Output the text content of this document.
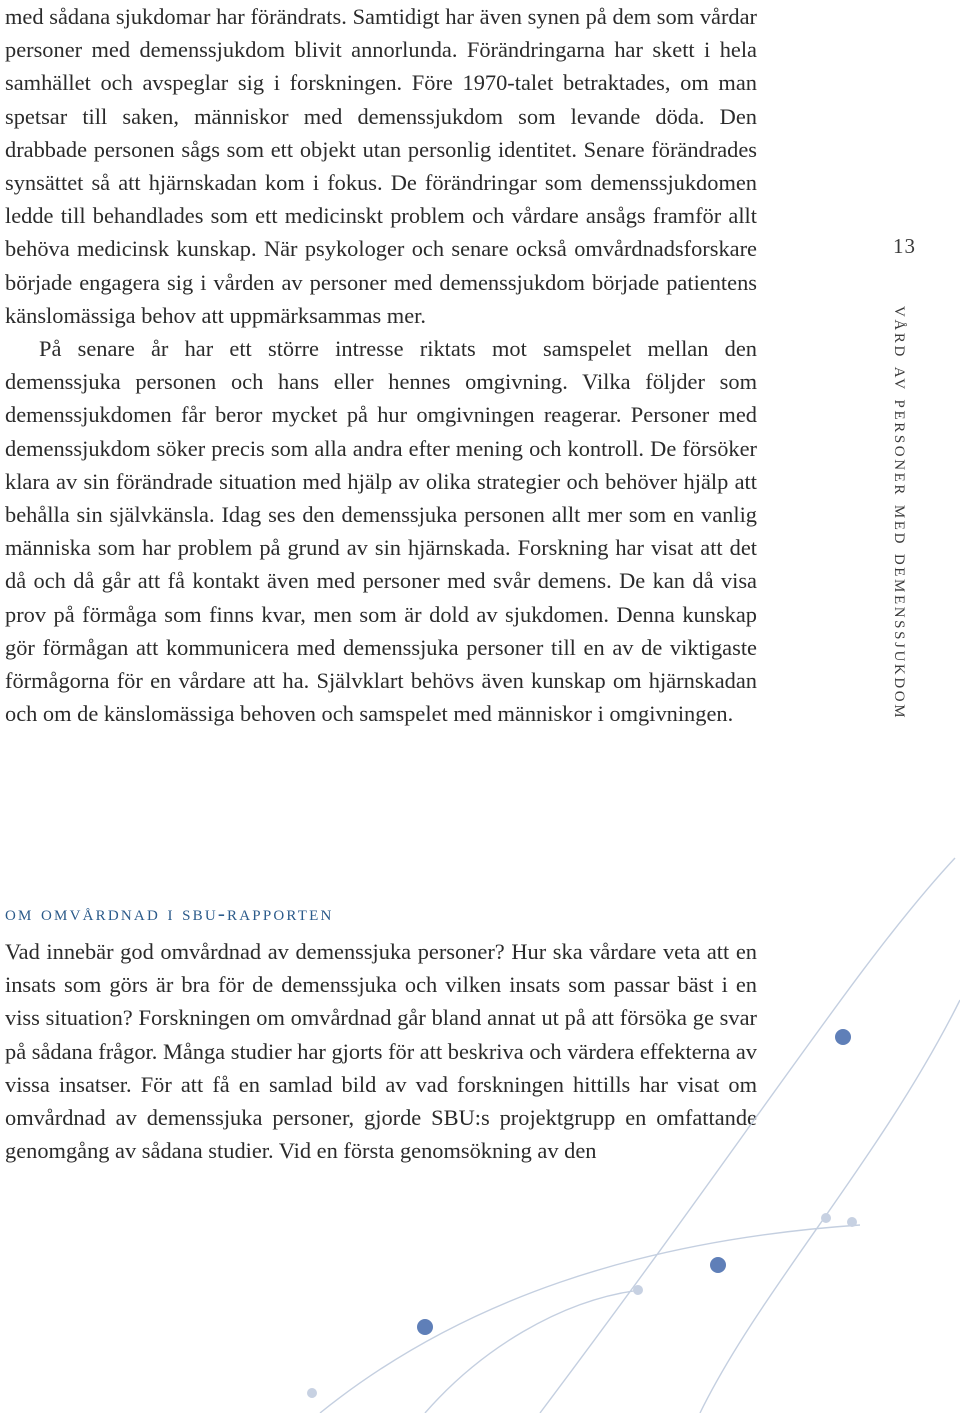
med sådana sjukdomar har förändrats. Samtidigt har även synen på dem som vårdar personer med demenssjukdom blivit annorlunda. Förändringarna har skett i hela samhället och avspeglar sig i forskningen. Före 1970-talet betraktades, om man spetsar till saken, människor med demenssjukdom som levande döda. Den drabbade personen sågs som ett objekt utan personlig identitet. Senare förändrades synsättet så att hjärnskadan kom i fokus. De förändringar som demenssjukdomen ledde till behandlades som ett medicinskt problem och vårdare ansågs framför allt behöva medicinsk kunskap. När psykologer och senare också omvårdnadsforskare började engagera sig i vården av personer med demenssjukdom började patientens känslomässiga behov att uppmärksammas mer.

På senare år har ett större intresse riktats mot samspelet mellan den demenssjuka personen och hans eller hennes omgivning. Vilka följder som demenssjukdomen får beror mycket på hur omgivningen reagerar. Personer med demenssjukdom söker precis som alla andra efter mening och kontroll. De försöker klara av sin förändrade situation med hjälp av olika strategier och behöver hjälp att behålla sin självkänsla. Idag ses den demenssjuka personen allt mer som en vanlig människa som har problem på grund av sin hjärnskada. Forskning har visat att det då och då går att få kontakt även med personer med svår demens. De kan då visa prov på förmåga som finns kvar, men som är dold av sjukdomen. Denna kunskap gör förmågan att kommunicera med demenssjuka personer till en av de viktigaste förmågorna för en vårdare att ha. Självklart behövs även kunskap om hjärnskadan och om de känslomässiga behoven och samspelet med människor i omgivningen.

om omvårdnad i sbu-rapporten

Vad innebär god omvårdnad av demenssjuka personer? Hur ska vårdare veta att en insats som görs är bra för de demenssjuka och vilken insats som passar bäst i en viss situation? Forskningen om omvårdnad går bland annat ut på att försöka ge svar på sådana frågor. Många studier har gjorts för att beskriva och värdera effekterna av vissa insatser. För att få en samlad bild av vad forskningen hittills har visat om omvårdnad av demenssjuka personer, gjorde SBU:s projektgrupp en omfattande genomgång av sådana studier. Vid en första genomsökning av den

13
vård av personer med demenssjukdom
